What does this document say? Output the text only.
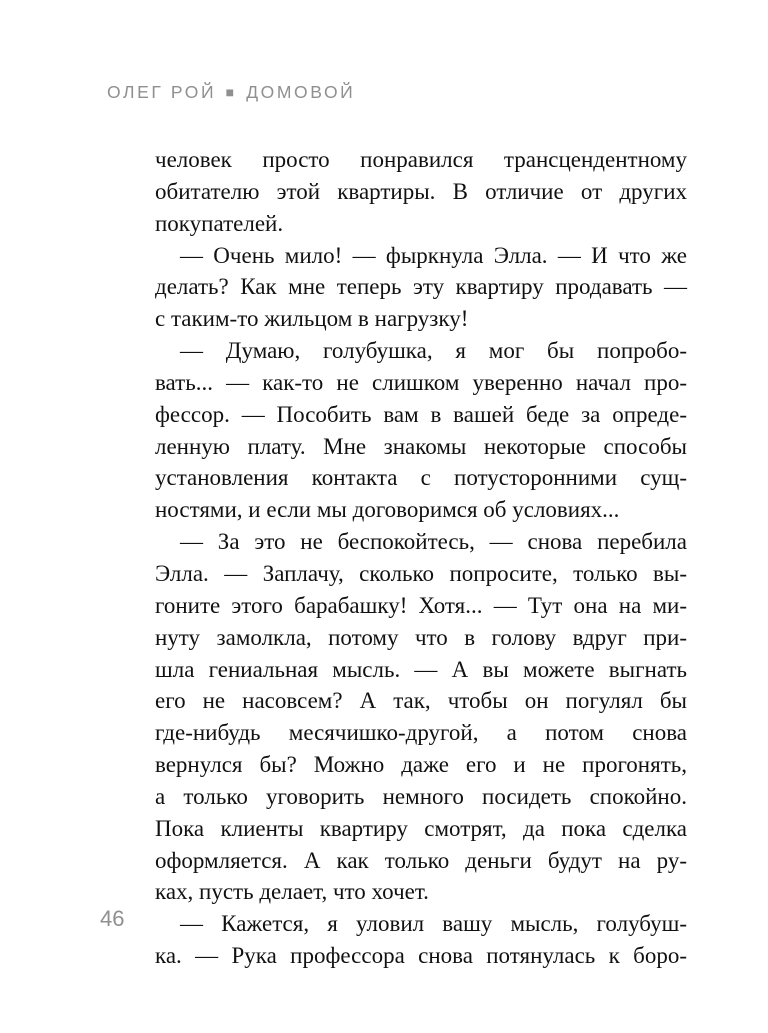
ОЛЕГ РОЙ ■ ДОМОВОЙ
человек просто понравился трансцендентному
обитателю этой квартиры. В отличие от других
покупателей.
— Очень мило! — фыркнула Элла. — И что же
делать? Как мне теперь эту квартиру продавать —
с таким-то жильцом в нагрузку!
— Думаю, голубушка, я мог бы попробо-
вать... — как-то не слишком уверенно начал про-
фессор. — Пособить вам в вашей беде за опреде-
ленную плату. Мне знакомы некоторые способы
установления контакта с потусторонними сущ-
ностями, и если мы договоримся об условиях...
— За это не беспокойтесь, — снова перебила
Элла. — Заплачу, сколько попросите, только вы-
гоните этого барабашку! Хотя... — Тут она на ми-
нуту замолкла, потому что в голову вдруг при-
шла гениальная мысль. — А вы можете выгнать
его не насовсем? А так, чтобы он погулял бы
где-нибудь месячишко-другой, а потом снова
вернулся бы? Можно даже его и не прогонять,
а только уговорить немного посидеть спокойно.
Пока клиенты квартиру смотрят, да пока сделка
оформляется. А как только деньги будут на ру-
ках, пусть делает, что хочет.
— Кажется, я уловил вашу мысль, голубуш-
ка. — Рука профессора снова потянулась к боро-
46
